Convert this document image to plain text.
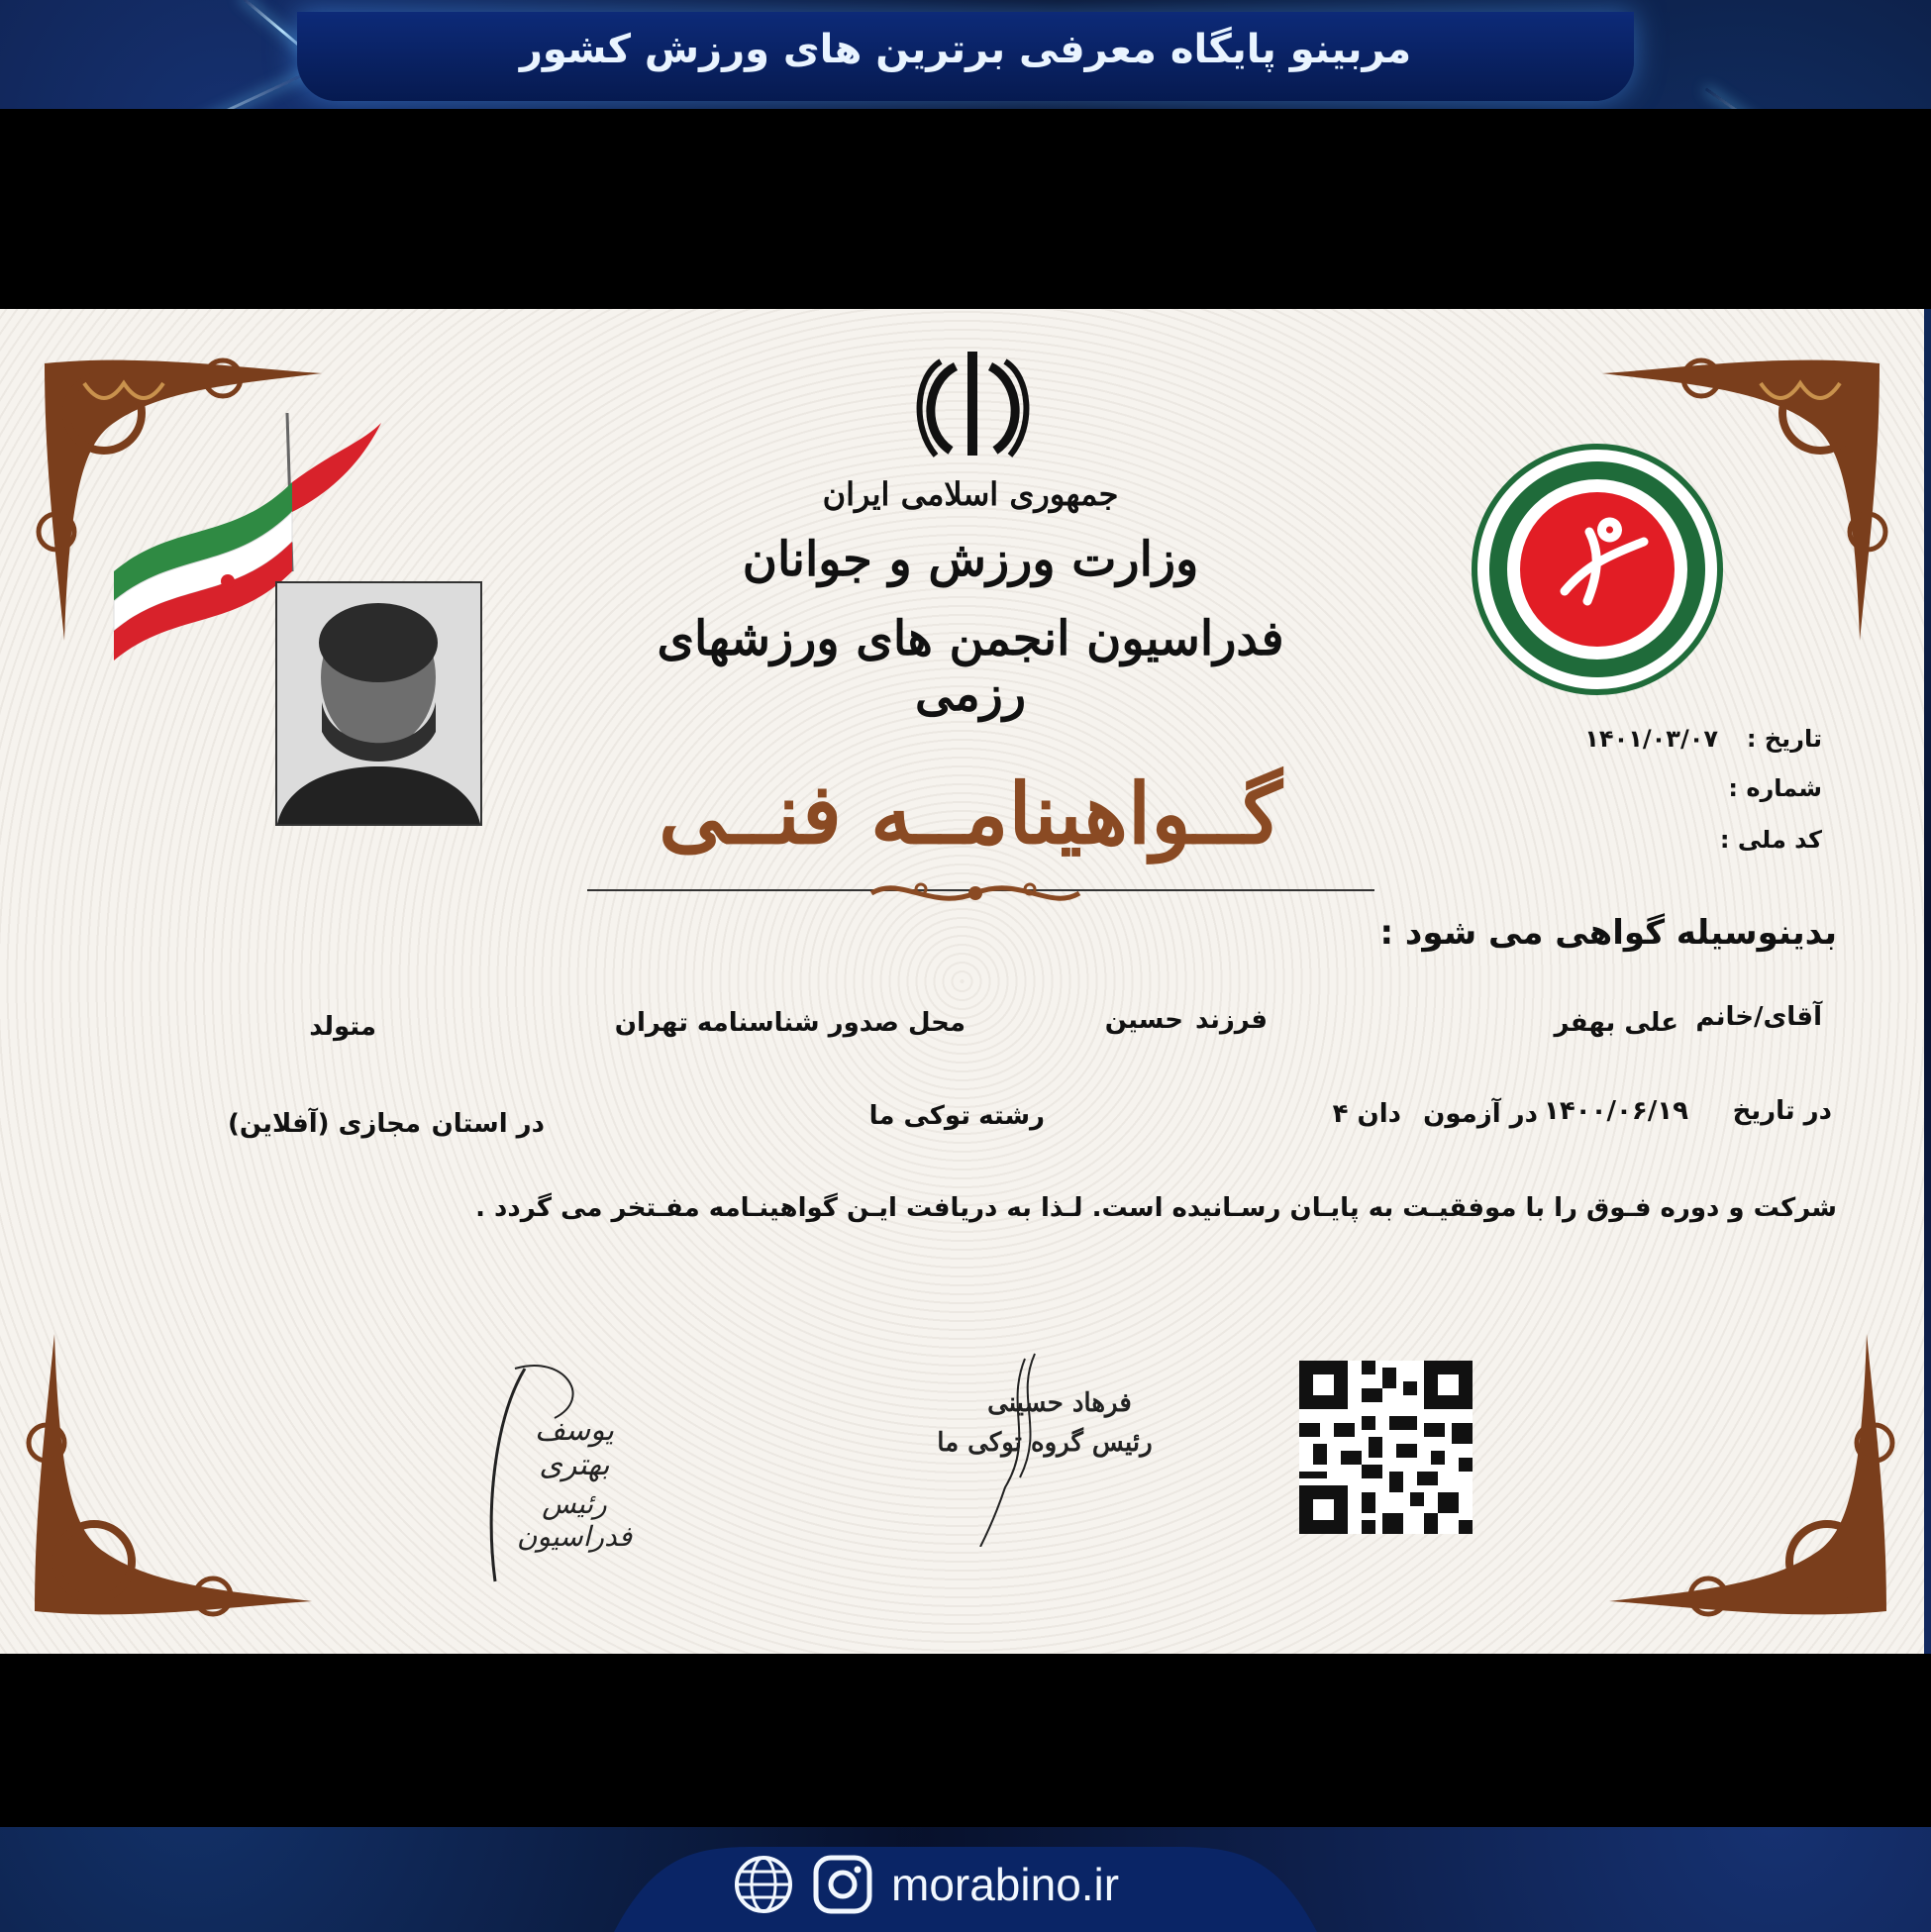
مربینو پایگاه معرفی برترین های ورزش کشور
جمهوری اسلامی ایران
وزارت ورزش و جوانان
فدراسیون انجمن های ورزشهای رزمی
تاریخ :
۱۴۰۱/۰۳/۰۷
شماره :
کد ملی :
گــواهینامــه فنــی
بدینوسیله گواهی می شود :
آقای/خانم
علی بهفر
فرزند
حسین
محل صدور شناسنامه
تهران
متولد
در تاریخ
۱۴۰۰/۰۶/۱۹
در آزمون
دان ۴
رشته
توکی ما
در استان
مجازی (آفلاین)
شرکت و دوره فـوق را با موفقیـت به پایـان رسـانیده است. لـذا به دریافت ایـن گواهینـامه مفـتخر می گردد .
یوسف بهتری
رئیس فدراسیون
فرهاد حسینی
رئیس گروه توکی ما
morabino.ir
